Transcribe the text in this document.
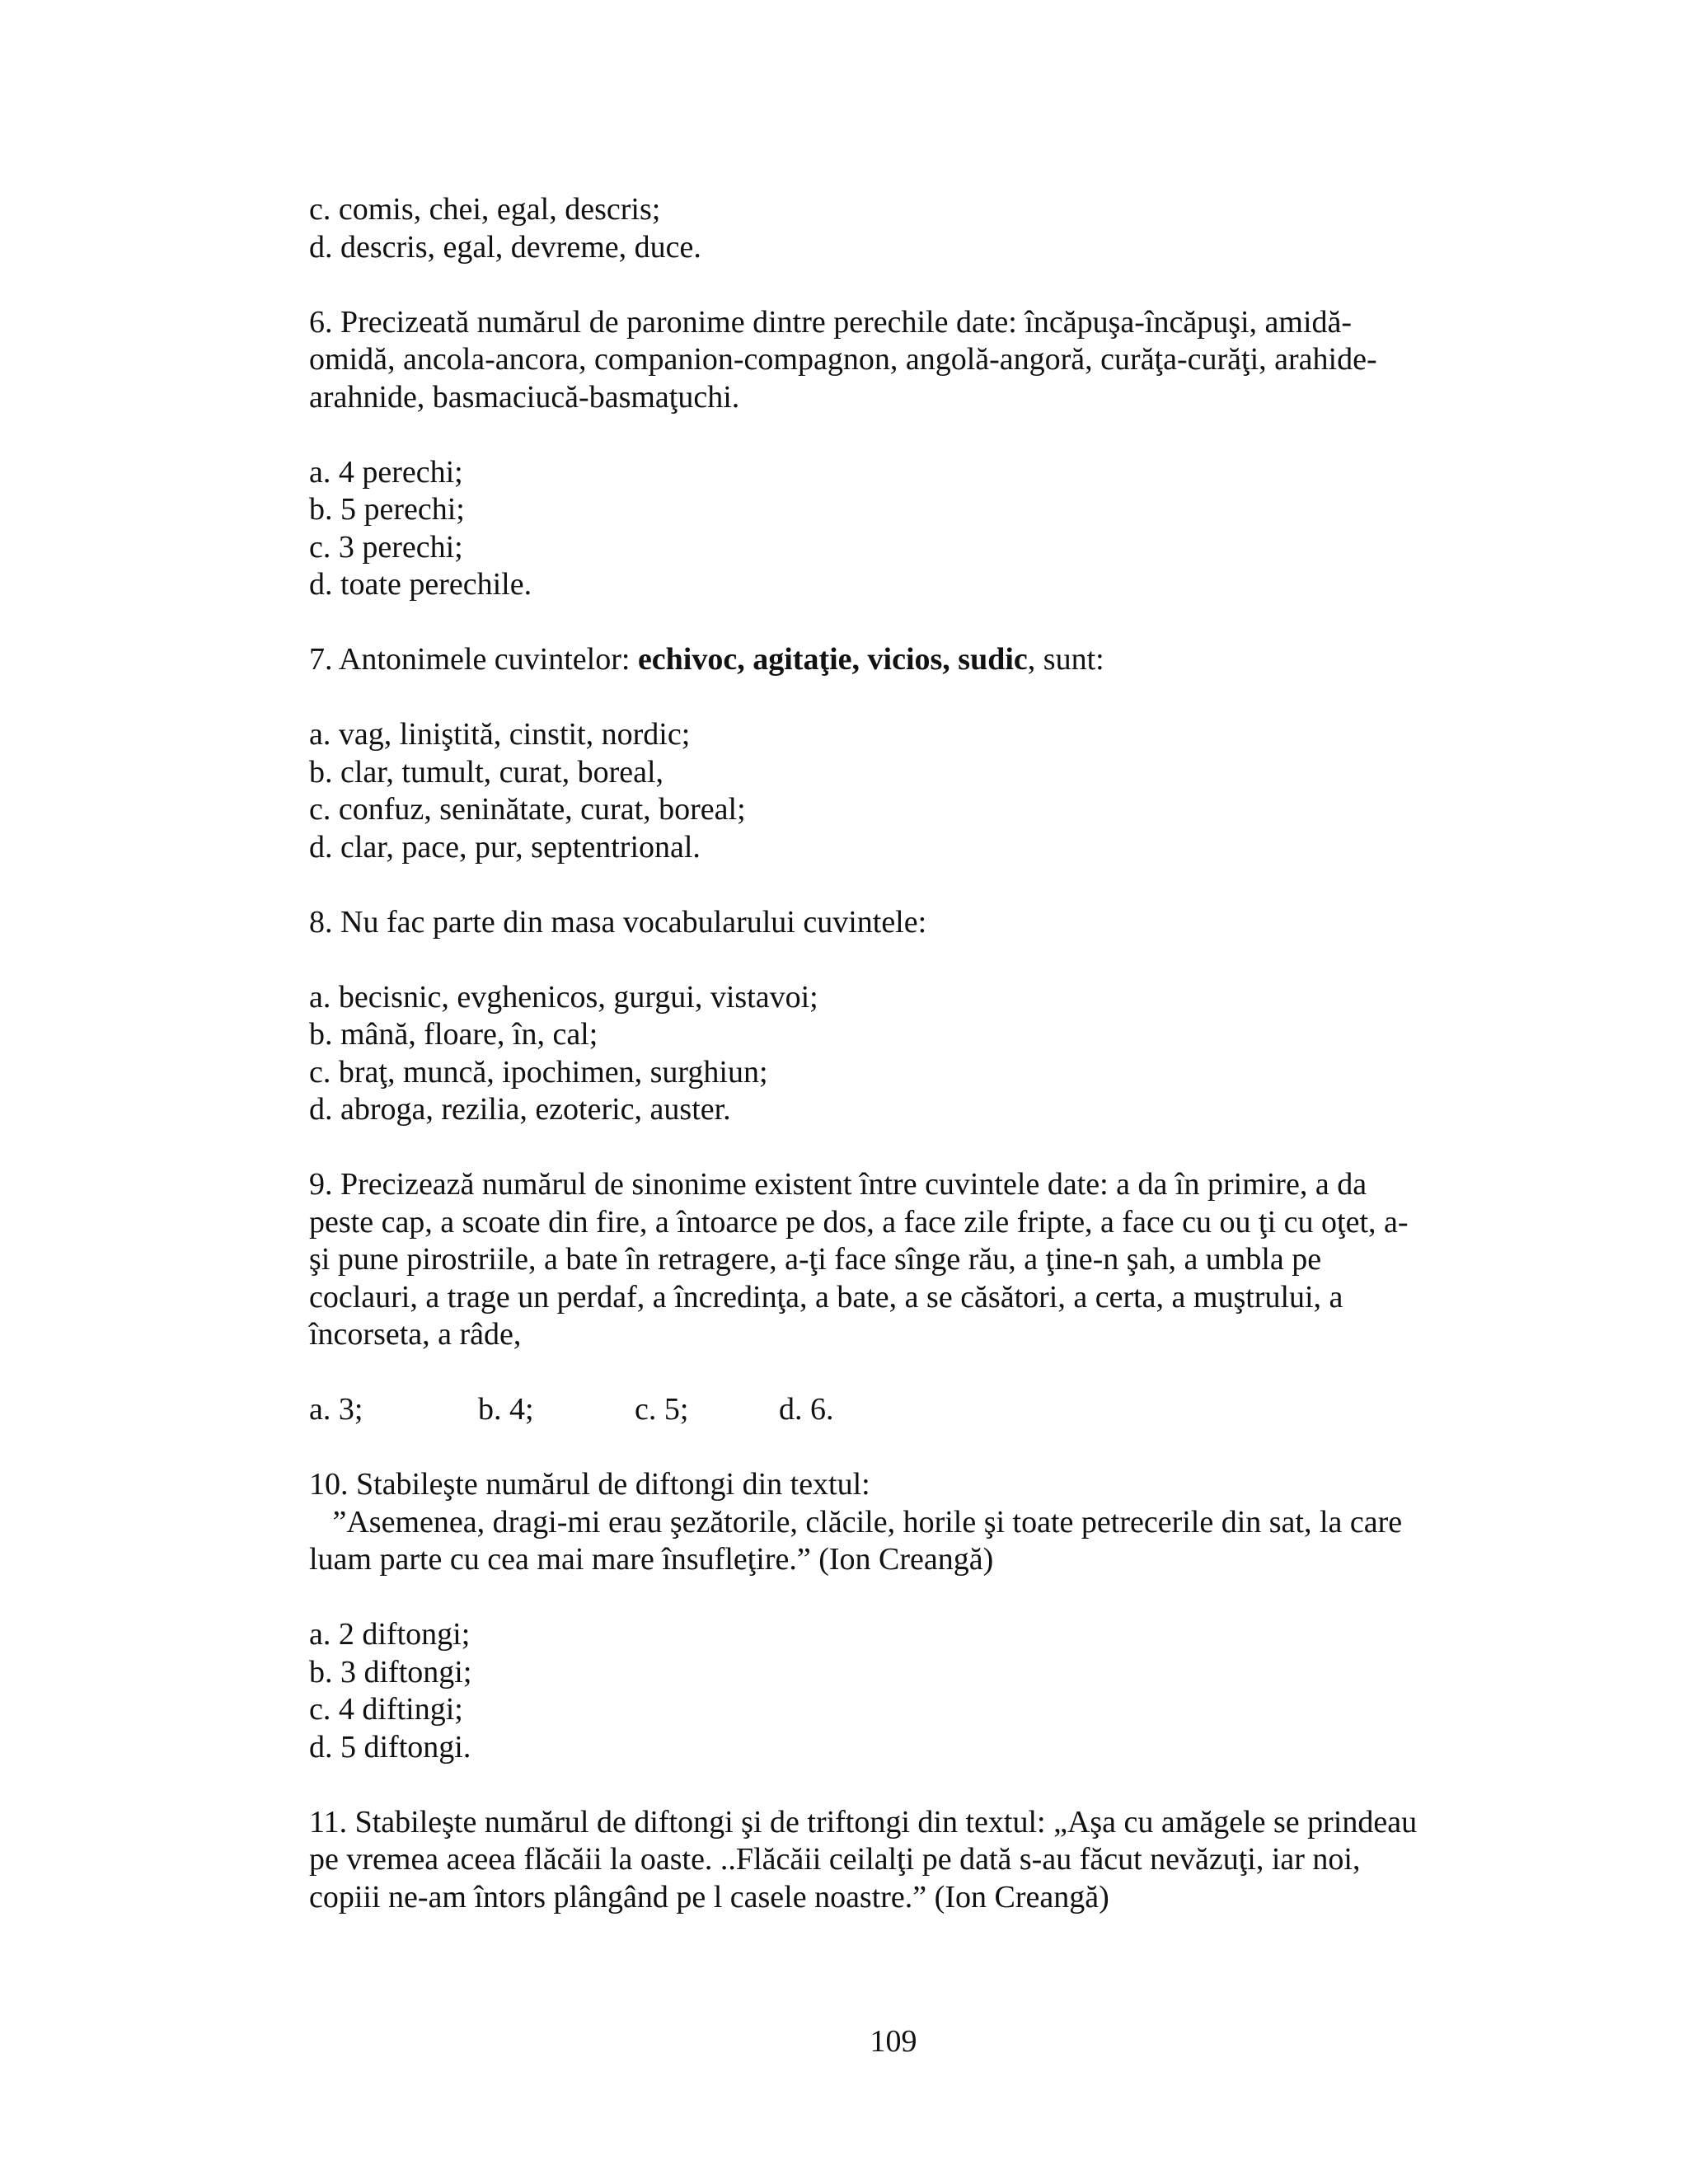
c. comis, chei, egal, descris;
d. descris, egal, devreme, duce.
6. Precizeată numărul de paronime dintre perechile date: încăpuşa-încăpuşi, amidă-
omidă, ancola-ancora, companion-compagnon, angolă-angoră, curăţa-curăţi, arahide-
arahnide, basmaciucă-basmaţuchi.
a. 4 perechi;
b. 5 perechi;
c. 3 perechi;
d. toate perechile.
7. Antonimele cuvintelor: echivoc, agitaţie, vicios, sudic, sunt:
a. vag, liniştită, cinstit, nordic;
b. clar, tumult, curat, boreal,
c. confuz, seninătate, curat, boreal;
d. clar, pace, pur, septentrional.
8. Nu fac parte din masa vocabularului cuvintele:
a. becisnic, evghenicos, gurgui, vistavoi;
b. mână, floare, în, cal;
c. braţ, muncă, ipochimen, surghiun;
d. abroga, rezilia, ezoteric, auster.
9. Precizează numărul de sinonime existent între cuvintele date: a da în primire, a da
peste cap, a scoate din fire, a întoarce pe dos, a face zile fripte, a face cu ou ţi cu oţet, a-
şi pune pirostriile, a bate în retragere, a-ţi face sînge rău, a ţine-n şah, a umbla pe
coclauri, a trage un perdaf, a încredinţa, a bate, a se căsători, a certa, a muştrului, a
încorseta, a râde,
a. 3;	b. 4;	c. 5;	d. 6.
10. Stabileşte numărul de diftongi din textul:
”Asemenea, dragi-mi erau şezătorile, clăcile, horile şi toate petrecerile din sat, la care
luam parte cu cea mai mare însufleţire.” (Ion Creangă)
a. 2 diftongi;
b. 3 diftongi;
c. 4 diftingi;
d. 5 diftongi.
11. Stabileşte numărul de diftongi şi de triftongi din textul: „Aşa cu amăgele se prindeau
pe vremea aceea flăcăii la oaste. ..Flăcăii ceilalţi pe dată s-au făcut nevăzuţi, iar noi,
copiii ne-am întors plângând pe l casele noastre.” (Ion Creangă)
109
